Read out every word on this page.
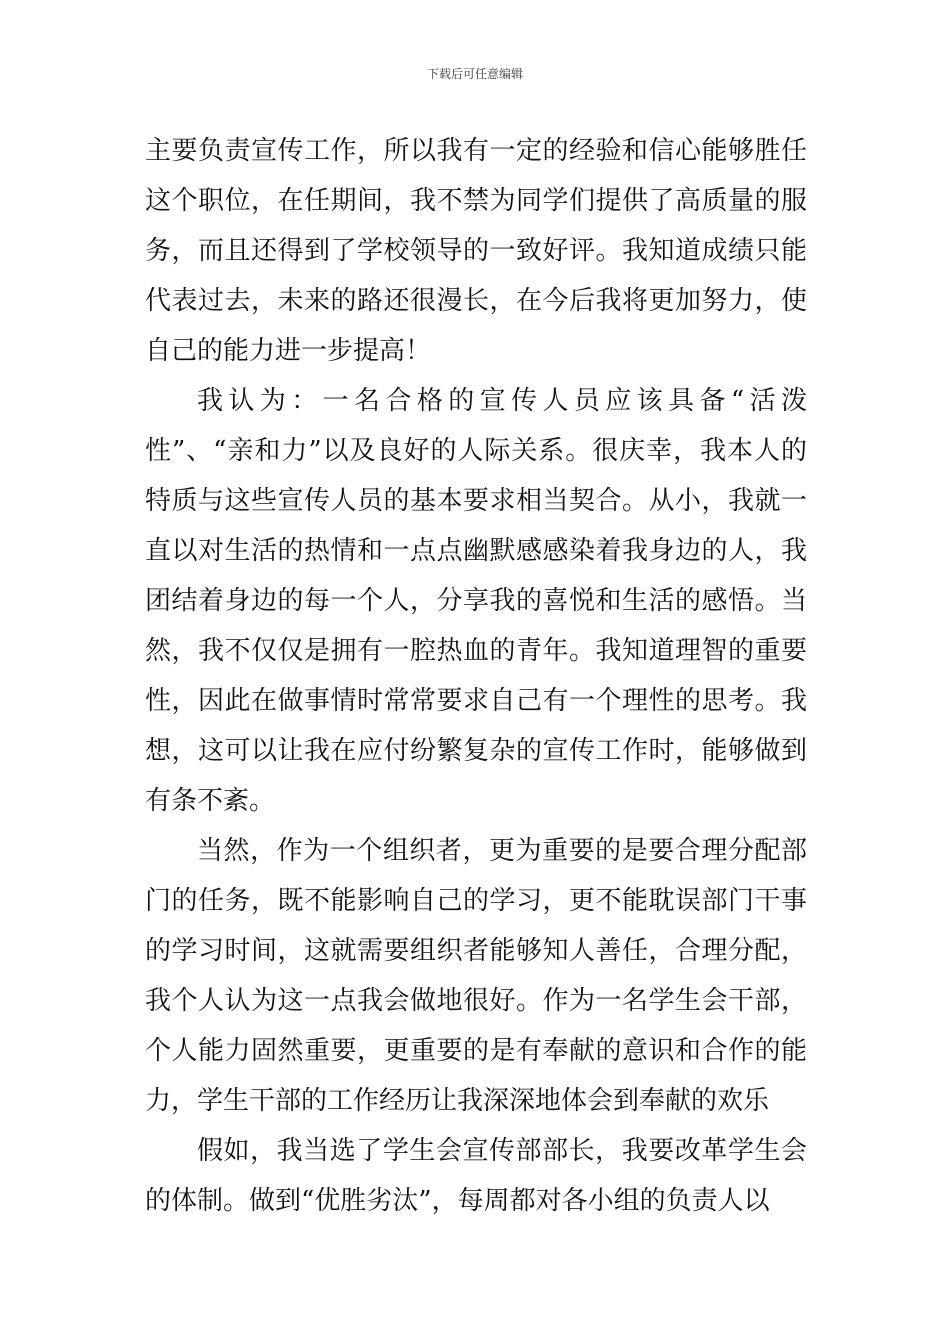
下载后可任意编辑

主要负责宣传工作，所以我有一定的经验和信心能够胜任这个职位，在任期间，我不禁为同学们提供了高质量的服务，而且还得到了学校领导的一致好评。我知道成绩只能代表过去，未来的路还很漫长，在今后我将更加努力，使自己的能力进一步提高！

我认为：一名合格的宣传人员应该具备“活泼性”、“亲和力”以及良好的人际关系。很庆幸，我本人的特质与这些宣传人员的基本要求相当契合。从小，我就一直以对生活的热情和一点点幽默感感染着我身边的人，我团结着身边的每一个人，分享我的喜悦和生活的感悟。当然，我不仅仅是拥有一腔热血的青年。我知道理智的重要性，因此在做事情时常常要求自己有一个理性的思考。我想，这可以让我在应付纷繁复杂的宣传工作时，能够做到有条不紊。

当然，作为一个组织者，更为重要的是要合理分配部门的任务，既不能影响自己的学习，更不能耽误部门干事的学习时间，这就需要组织者能够知人善任，合理分配，我个人认为这一点我会做地很好。作为一名学生会干部，个人能力固然重要，更重要的是有奉献的意识和合作的能力，学生干部的工作经历让我深深地体会到奉献的欢乐

假如，我当选了学生会宣传部部长，我要改革学生会的体制。做到“优胜劣汰”，每周都对各小组的负责人以
